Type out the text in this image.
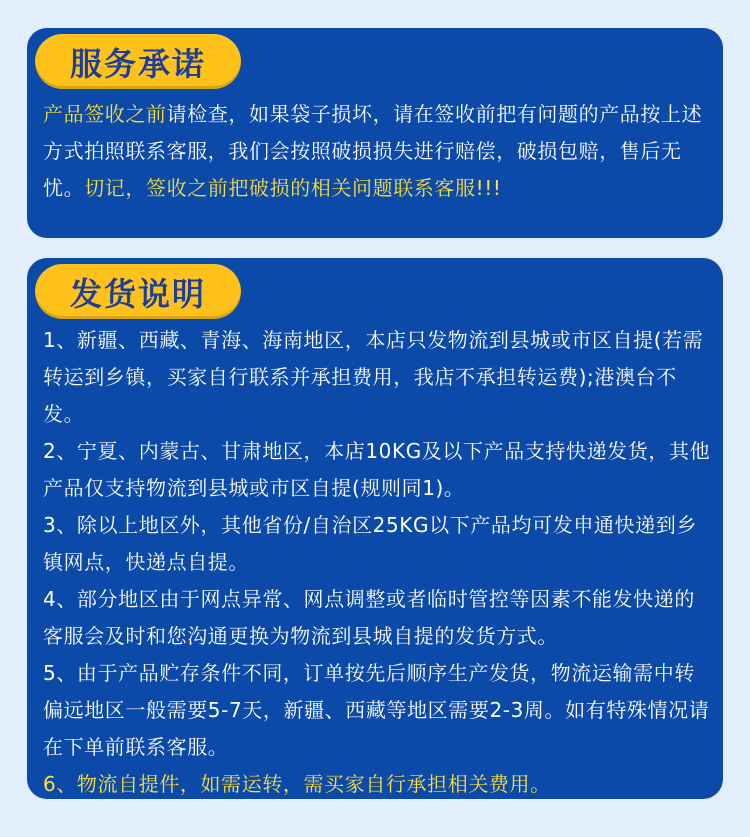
服务承诺
产品签收之前请检查，如果袋子损坏，请在签收前把有问题的产品按上述方式拍照联系客服，我们会按照破损损失进行赔偿，破损包赔，售后无忧。切记，签收之前把破损的相关问题联系客服!!!
发货说明
1、新疆、西藏、青海、海南地区，本店只发物流到县城或市区自提(若需转运到乡镇，买家自行联系并承担费用，我店不承担转运费);港澳台不发。
2、宁夏、内蒙古、甘肃地区，本店10KG及以下产品支持快递发货，其他产品仅支持物流到县城或市区自提(规则同1)。
3、除以上地区外，其他省份/自治区25KG以下产品均可发申通快递到乡镇网点，快递点自提。
4、部分地区由于网点异常、网点调整或者临时管控等因素不能发快递的客服会及时和您沟通更换为物流到县城自提的发货方式。
5、由于产品贮存条件不同，订单按先后顺序生产发货，物流运输需中转偏远地区一般需要5-7天，新疆、西藏等地区需要2-3周。如有特殊情况请在下单前联系客服。
6、物流自提件，如需运转，需买家自行承担相关费用。
